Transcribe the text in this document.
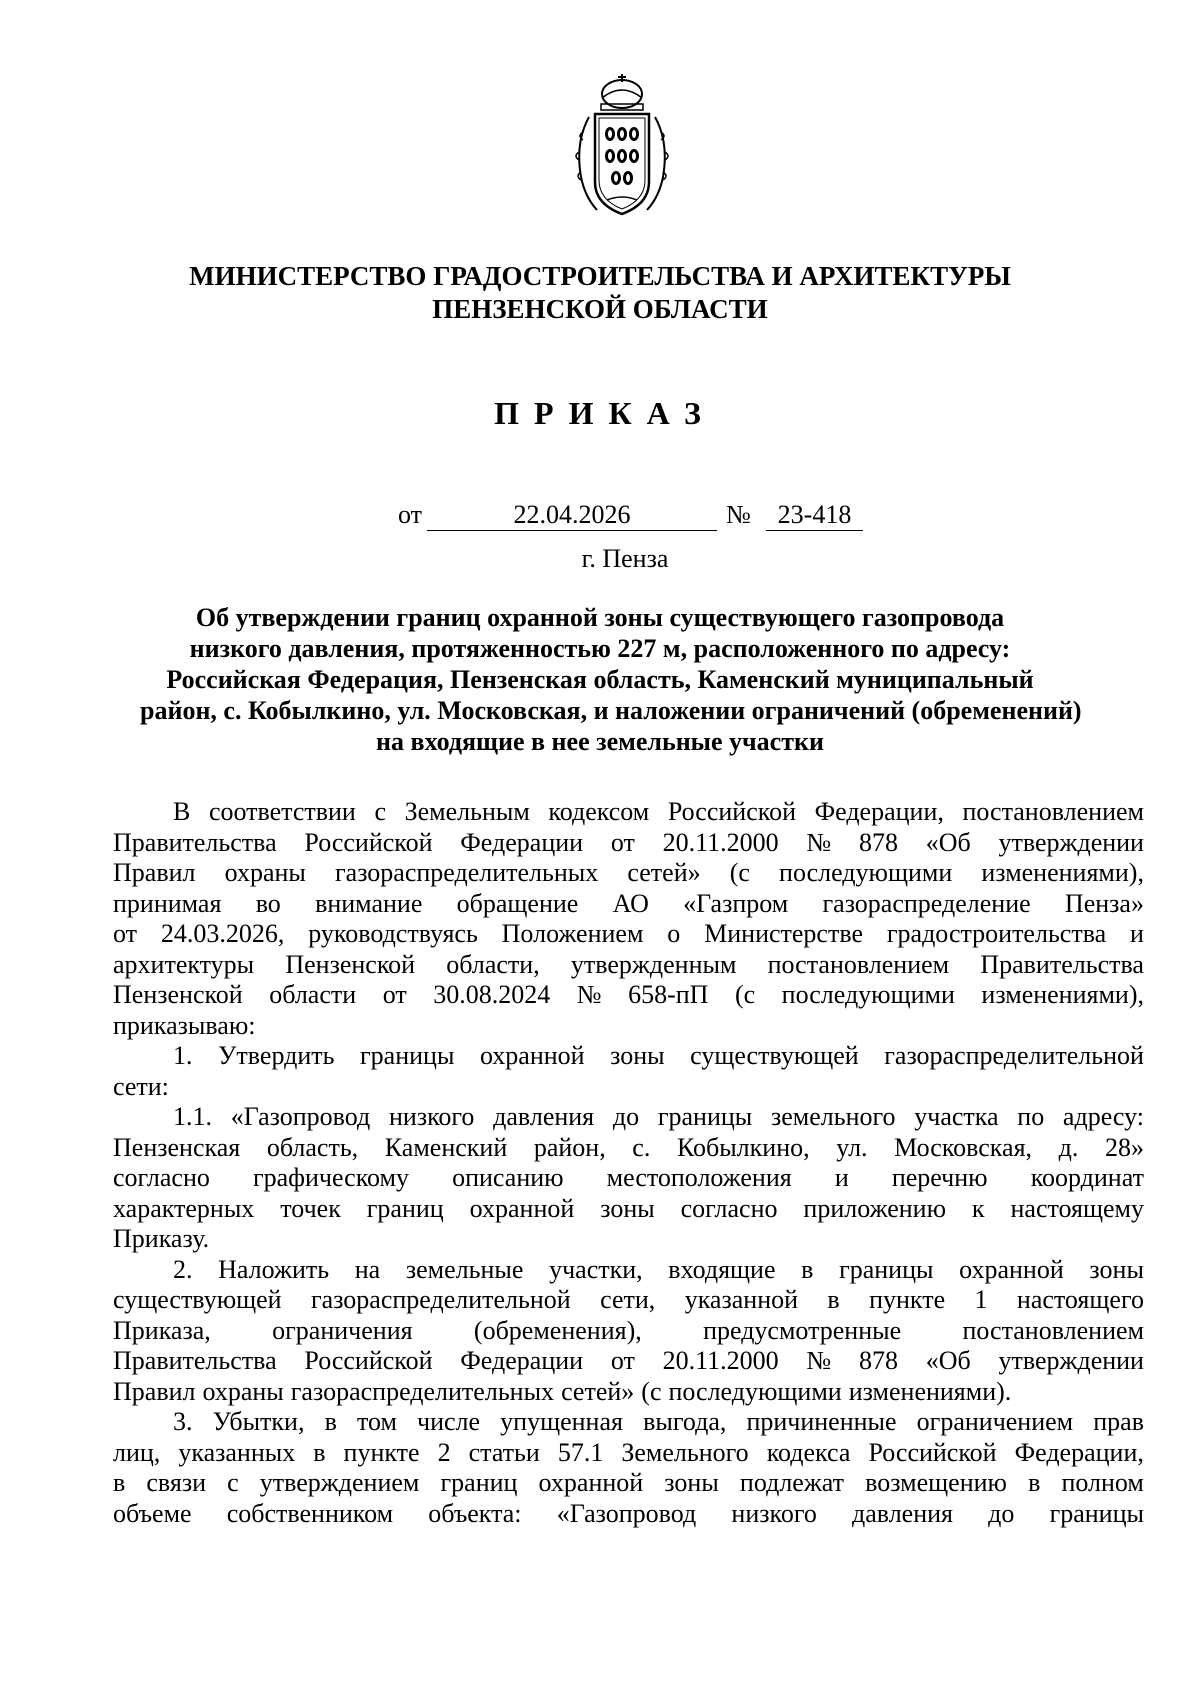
МИНИСТЕРСТВО ГРАДОСТРОИТЕЛЬСТВА И АРХИТЕКТУРЫ
ПЕНЗЕНСКОЙ ОБЛАСТИ
ПРИКАЗ
от	22.04.2026	№	23-418
г. Пенза
Об утверждении границ охранной зоны существующего газопровода
низкого давления, протяженностью 227 м, расположенного по адресу:
Российская Федерация, Пензенская область, Каменский муниципальный
район, с. Кобылкино, ул. Московская, и наложении ограничений (обременений)
на входящие в нее земельные участки
В соответствии с Земельным кодексом Российской Федерации, постановлением
Правительства Российской Федерации от 20.11.2000 № 878 «Об утверждении
Правил охраны газораспределительных сетей» (с последующими изменениями),
принимая во внимание обращение АО «Газпром газораспределение Пенза»
от 24.03.2026, руководствуясь Положением о Министерстве градостроительства и
архитектуры Пензенской области, утвержденным постановлением Правительства
Пензенской области от 30.08.2024 № 658-пП (с последующими изменениями),
приказываю:
1. Утвердить границы охранной зоны существующей газораспределительной
сети:
1.1. «Газопровод низкого давления до границы земельного участка по адресу:
Пензенская область, Каменский район, с. Кобылкино, ул. Московская, д. 28»
согласно графическому описанию местоположения и перечню координат
характерных точек границ охранной зоны согласно приложению к настоящему
Приказу.
2. Наложить на земельные участки, входящие в границы охранной зоны
существующей газораспределительной сети, указанной в пункте 1 настоящего
Приказа, ограничения (обременения), предусмотренные постановлением
Правительства Российской Федерации от 20.11.2000 № 878 «Об утверждении
Правил охраны газораспределительных сетей» (с последующими изменениями).
3. Убытки, в том числе упущенная выгода, причиненные ограничением прав
лиц, указанных в пункте 2 статьи 57.1 Земельного кодекса Российской Федерации,
в связи с утверждением границ охранной зоны подлежат возмещению в полном
объеме собственником объекта: «Газопровод низкого давления до границы
